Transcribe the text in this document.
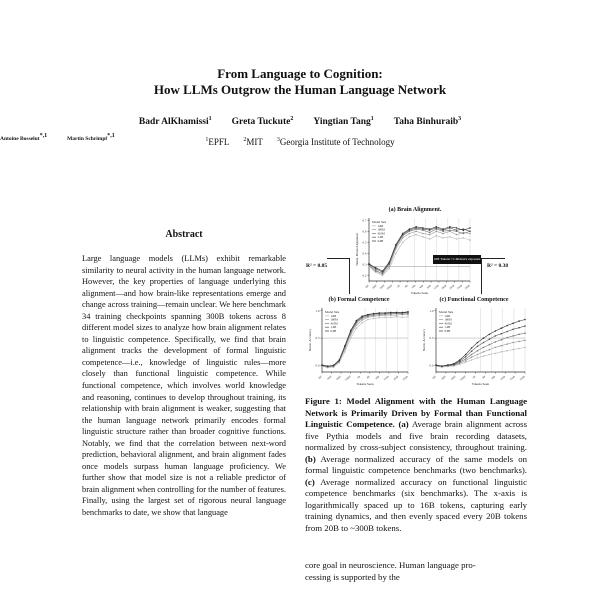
From Language to Cognition:
How LLMs Outgrow the Human Language Network
Badr AlKhamissi$^1$ Greta Tuckute$^2$ Yingtian Tang$^1$ Taha Binhuraib$^3$
Antoine Bosselut$^{*,1}$	Martin Schrimpf$^{*,1}$
$^1$EPFL $^2$MIT $^3$Georgia Institute of Technology
Abstract
Large language models (LLMs) exhibit remarkable similarity to neural activity in the human language network. However, the key properties of language underlying this alignment—and how brain-like representations emerge and change across training—remain unclear. We here benchmark 34 training checkpoints spanning 300B tokens across 8 different model sizes to analyze how brain alignment relates to linguistic competence. Specifically, we find that brain alignment tracks the development of formal linguistic competence—i.e., knowledge of linguistic rules—more closely than functional linguistic competence. While functional competence, which involves world knowledge and reasoning, continues to develop throughout training, its relationship with brain alignment is weaker, suggesting that the human language network primarily encodes formal linguistic structure rather than broader cognitive functions. Notably, we find that the correlation between next-word prediction, behavioral alignment, and brain alignment fades once models surpass human language proficiency. We further show that model size is not a reliable predictor of brain alignment when controlling for the number of features. Finally, using the largest set of rigorous neural language benchmarks to date, we show that language
(a) Brain Alignment.
0.2
0.3
0.4
0.5
0.6
0.7
4M 16M 64M 256M 1B 4B 16B 40B 80B 120B 160B 200B 240B 280B
Tokens Seen
Norm. Brain Alignment
Model Size
14M
160M
410M
1.4B
6.9B
R² = 0.85	R² = 0.38
16B Tokens ≈ Children's exposure
(b) Formal Competence	(c) Functional Competence
0.0
0.5
1.0
4M 16M 64M 256M 1B 4B 16B 100B 200B 300B
Tokens Seen
Norm. Accuracy
Model Size
14M
160M
410M
1.4B
6.9B
0.0
0.5
1.0
4M 16M 64M 256M 1B 4B 16B 100B 200B 300B
Tokens Seen
Norm. Accuracy
Model Size
14M
160M
410M
1.4B
6.9B
Figure 1: Model Alignment with the Human Language Network is Primarily Driven by Formal than Functional Linguistic Competence. (a) Average brain alignment across five Pythia models and five brain recording datasets, normalized by cross-subject consistency, throughout training. (b) Average normalized accuracy of the same models on formal linguistic competence benchmarks (two benchmarks). (c) Average normalized accuracy on functional linguistic competence benchmarks (six benchmarks). The x-axis is logarithmically spaced up to 16B tokens, capturing early training dynamics, and then evenly spaced every 20B tokens from 20B to ~300B tokens.
core goal in neuroscience. Human language pro-
cessing is supported by the
